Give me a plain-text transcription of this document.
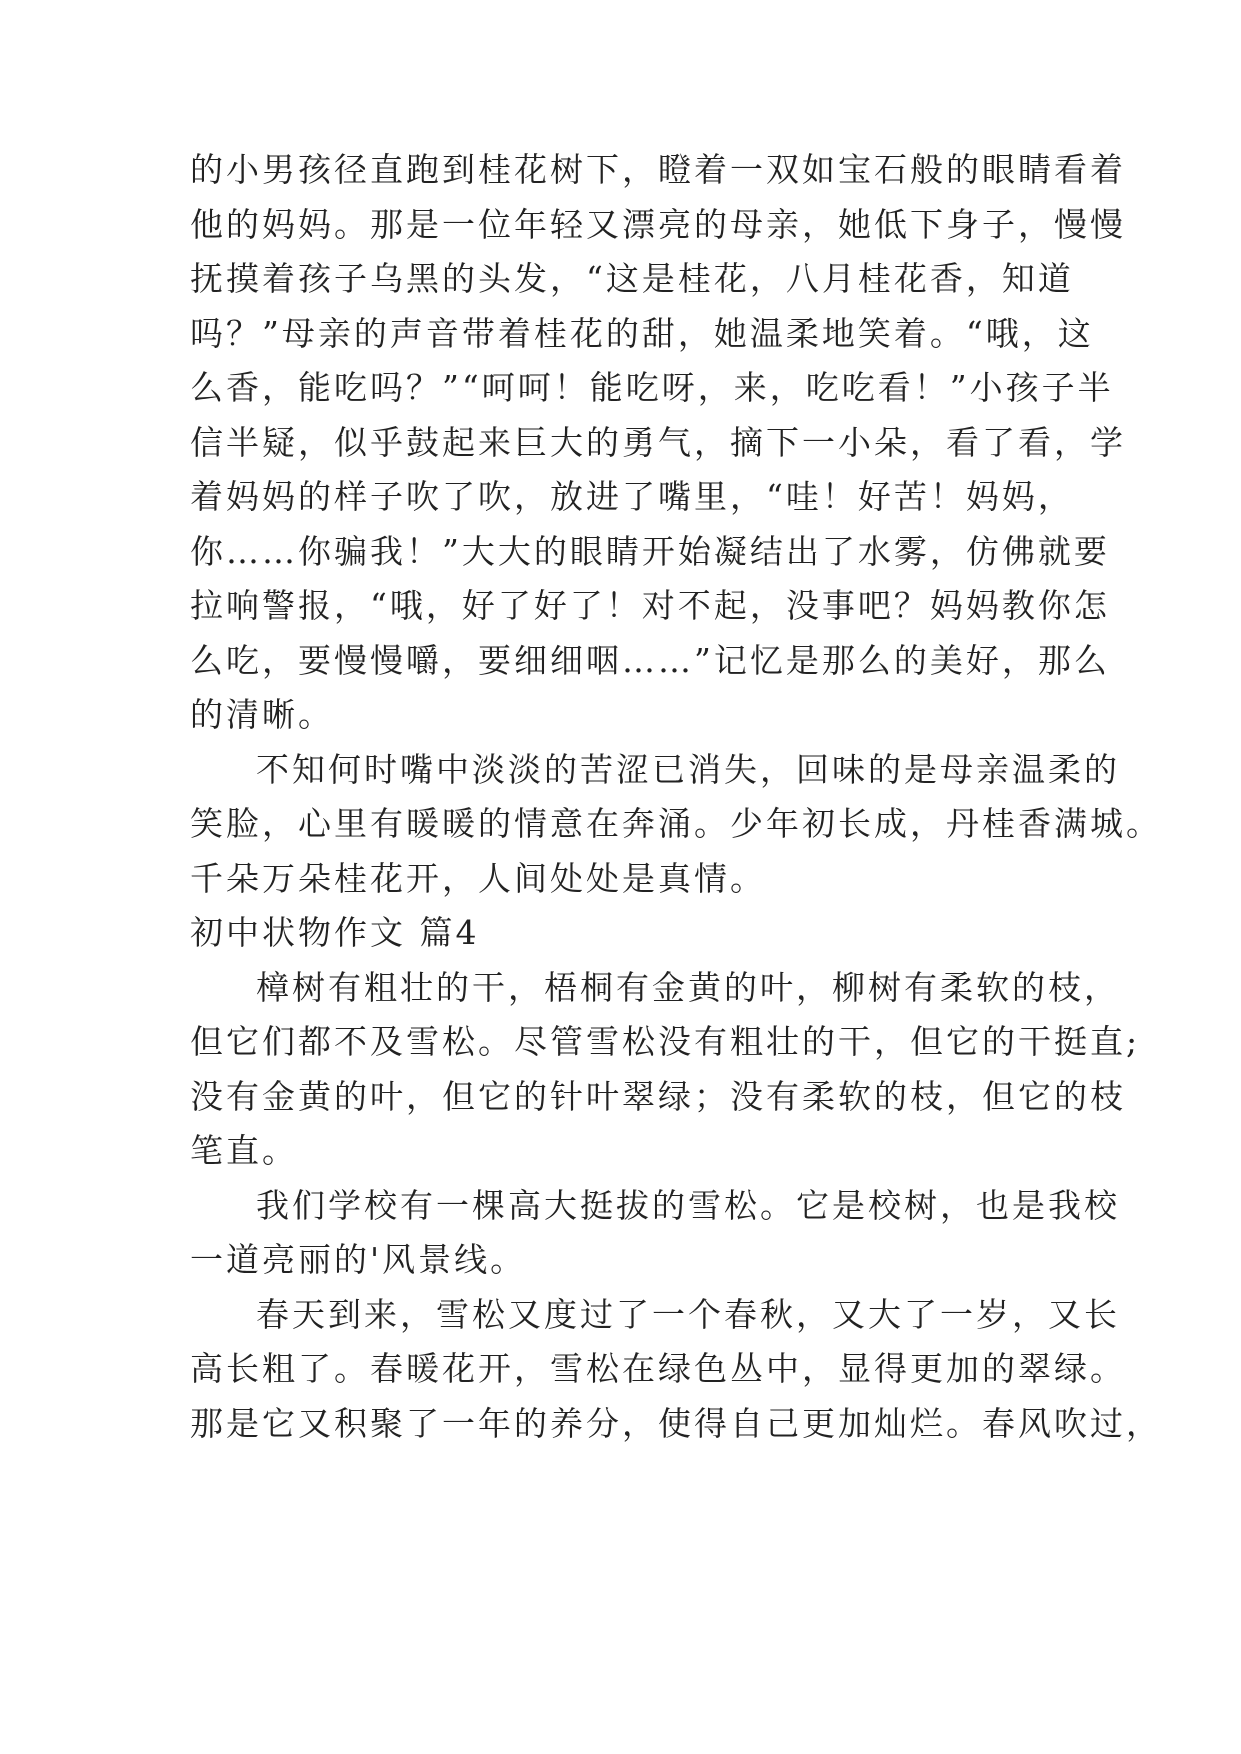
的小男孩径直跑到桂花树下，瞪着一双如宝石般的眼睛看着
他的妈妈。那是一位年轻又漂亮的母亲，她低下身子，慢慢
抚摸着孩子乌黑的头发，“这是桂花，八月桂花香，知道
吗？”母亲的声音带着桂花的甜，她温柔地笑着。“哦，这
么香，能吃吗？”“呵呵！能吃呀，来，吃吃看！”小孩子半
信半疑，似乎鼓起来巨大的勇气，摘下一小朵，看了看，学
着妈妈的样子吹了吹，放进了嘴里，“哇！好苦！妈妈，
你……你骗我！”大大的眼睛开始凝结出了水雾，仿佛就要
拉响警报，“哦，好了好了！对不起，没事吧？妈妈教你怎
么吃，要慢慢嚼，要细细咽……”记忆是那么的美好，那么
的清晰。
不知何时嘴中淡淡的苦涩已消失，回味的是母亲温柔的
笑脸，心里有暖暖的情意在奔涌。少年初长成，丹桂香满城。
千朵万朵桂花开，人间处处是真情。
初中状物作文 篇4
樟树有粗壮的干，梧桐有金黄的叶，柳树有柔软的枝，
但它们都不及雪松。尽管雪松没有粗壮的干，但它的干挺直;
没有金黄的叶，但它的针叶翠绿；没有柔软的枝，但它的枝
笔直。
我们学校有一棵高大挺拔的雪松。它是校树，也是我校
一道亮丽的'风景线。
春天到来，雪松又度过了一个春秋，又大了一岁，又长
高长粗了。春暖花开，雪松在绿色丛中，显得更加的翠绿。
那是它又积聚了一年的养分，使得自己更加灿烂。春风吹过，
